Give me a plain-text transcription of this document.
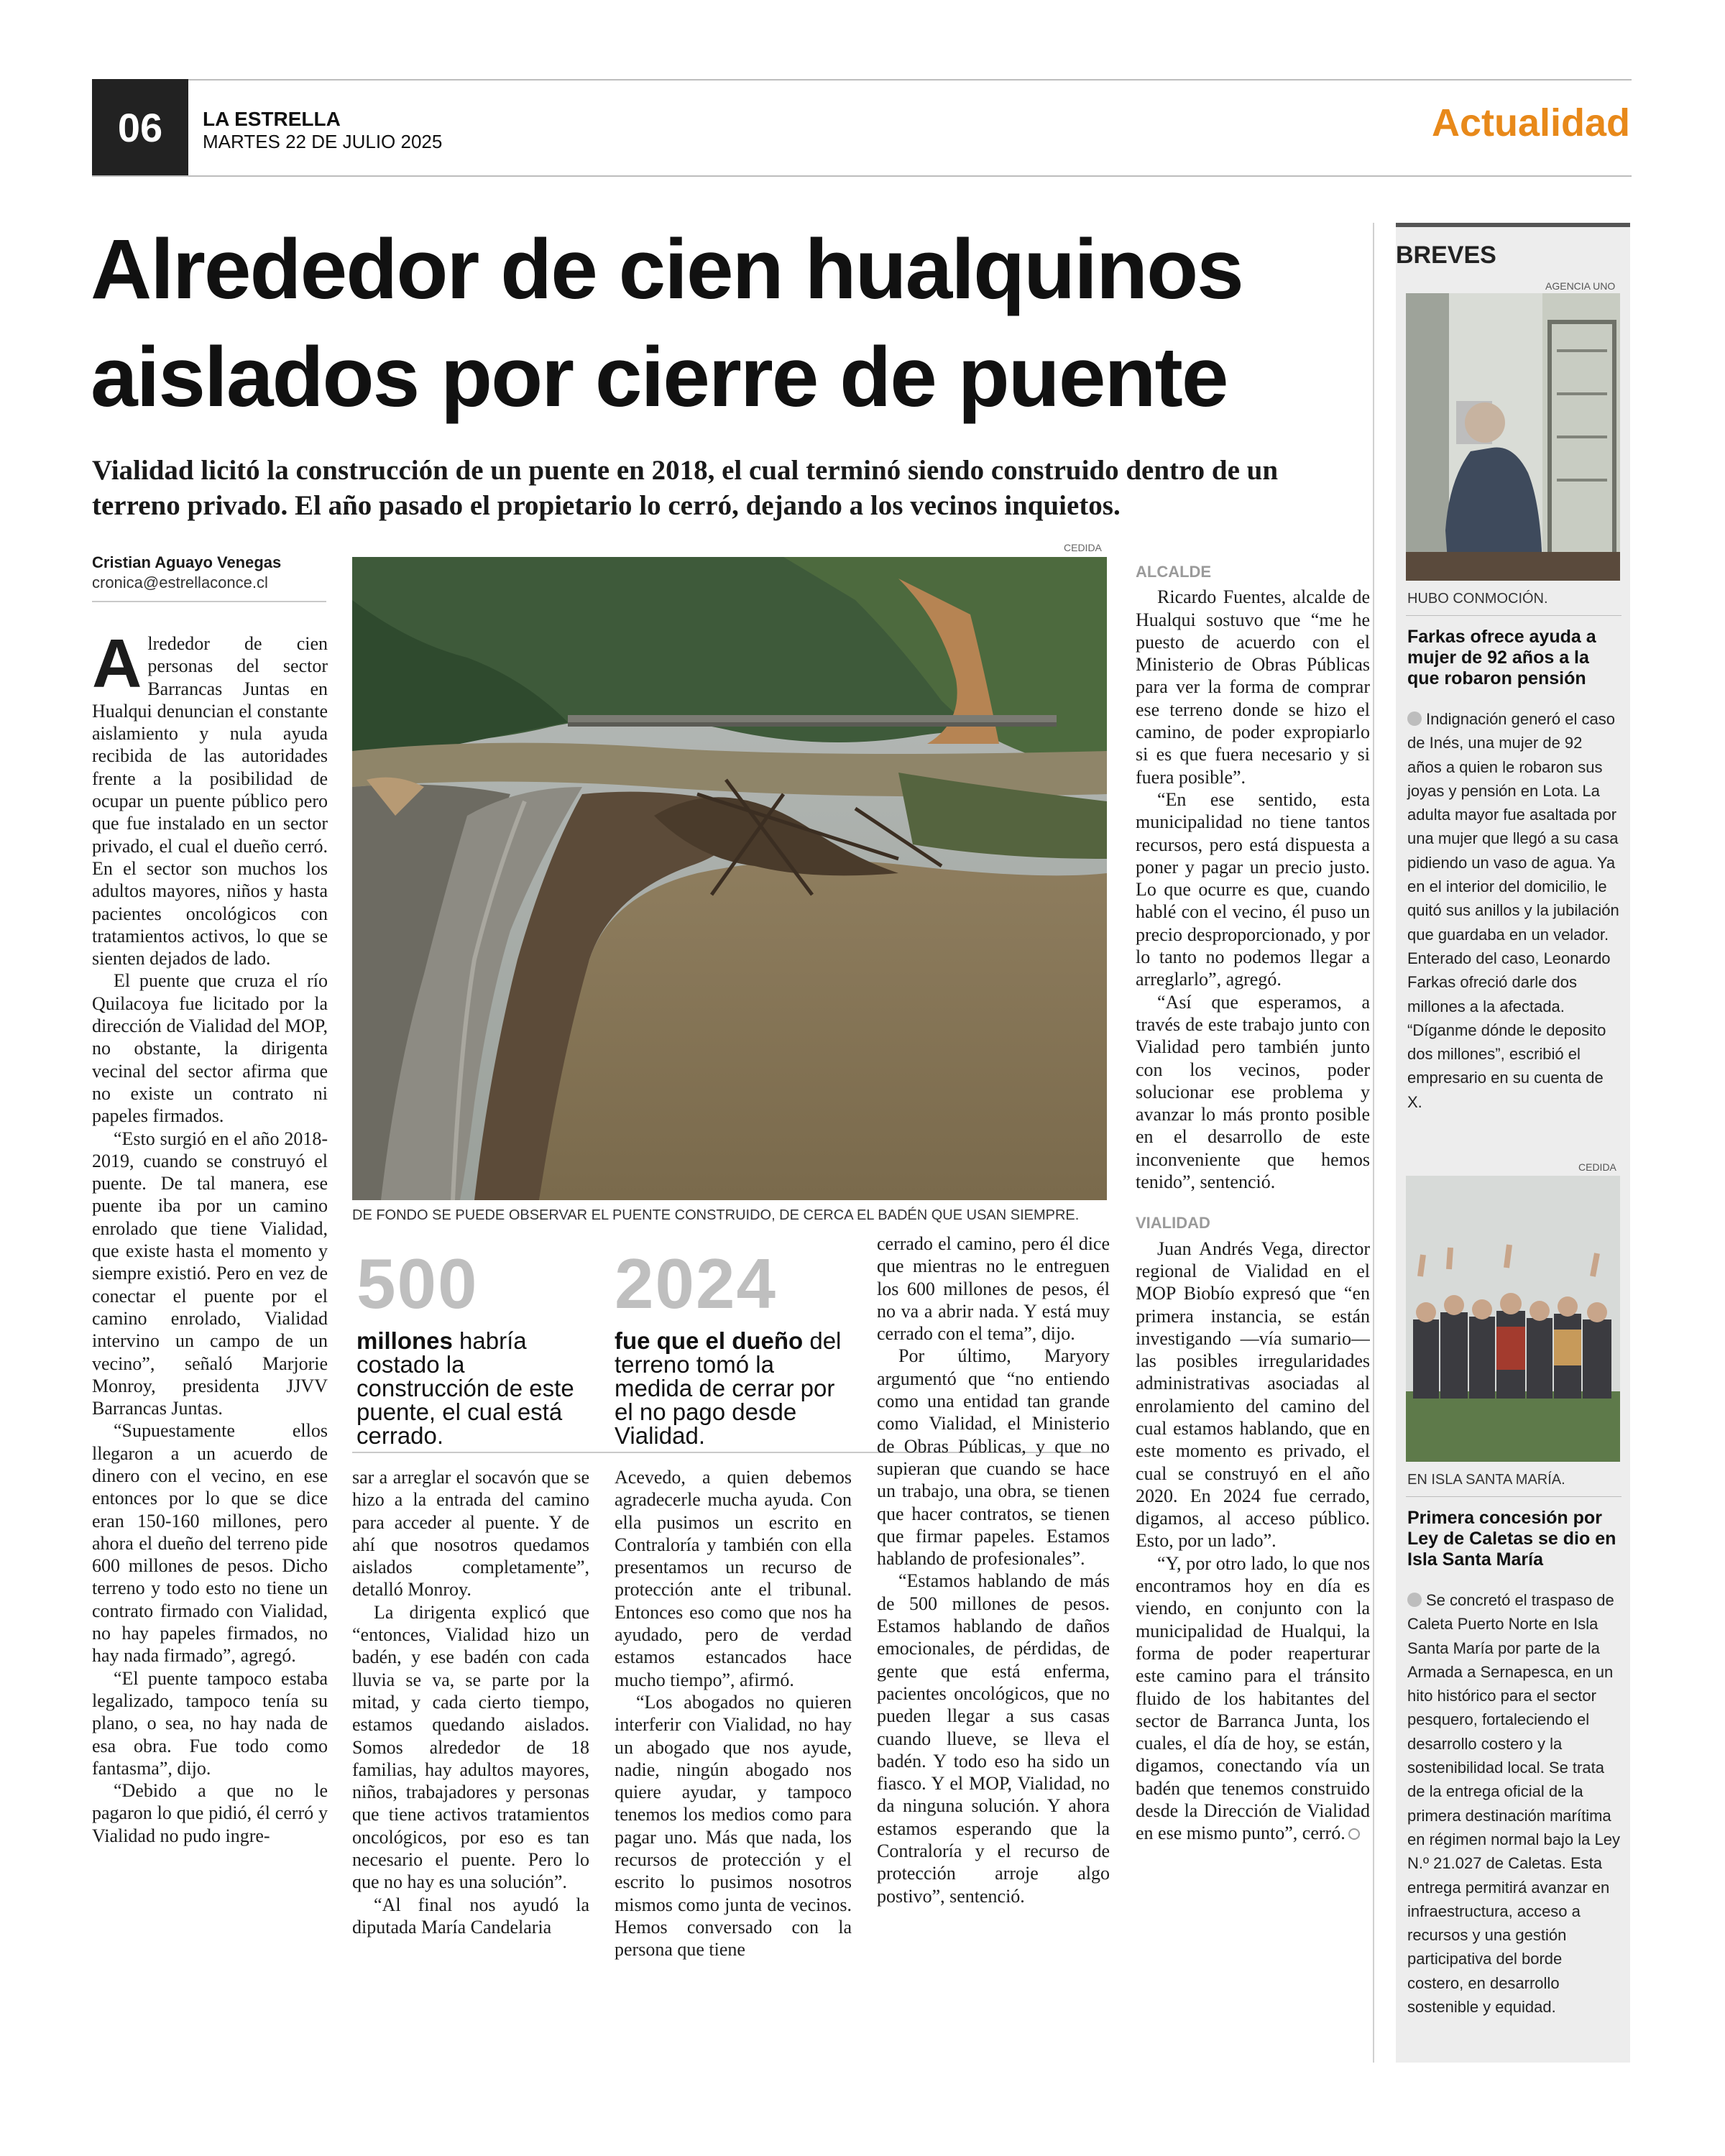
06	LA ESTRELLA
MARTES 22 DE JULIO 2025	Actualidad
Alrededor de cien hualquinos
aislados por cierre de puente
Vialidad licitó la construcción de un puente en 2018, el cual terminó siendo construido dentro de un terreno privado. El año pasado el propietario lo cerró, dejando a los vecinos inquietos.
Cristian Aguayo Venegas
cronica@estrellaconce.cl

Alrededor de cien personas del sector Barrancas Juntas en Hualqui denuncian el constante aislamiento y nula ayuda recibida de las autoridades frente a la posibilidad de ocupar un puente público pero que fue instalado en un sector privado, el cual el dueño cerró. En el sector son muchos los adultos mayores, niños y hasta pacientes oncológicos con tratamientos activos, lo que se sienten dejados de lado.

El puente que cruza el río Quilacoya fue licitado por la dirección de Vialidad del MOP, no obstante, la dirigenta vecinal del sector afirma que no existe un contrato ni papeles firmados.

“Esto surgió en el año 2018-2019, cuando se construyó el puente. De tal manera, ese puente iba por un camino enrolado que tiene Vialidad, que existe hasta el momento y siempre existió. Pero en vez de conectar el puente por el camino enrolado, Vialidad intervino un campo de un vecino”, señaló Marjorie Monroy, presidenta JJVV Barrancas Juntas.

“Supuestamente ellos llegaron a un acuerdo de dinero con el vecino, en ese entonces por lo que se dice eran 150-160 millones, pero ahora el dueño del terreno pide 600 millones de pesos. Dicho terreno y todo esto no tiene un contrato firmado con Vialidad, no hay papeles firmados, no hay nada firmado”, agregó.

“El puente tampoco estaba legalizado, tampoco tenía su plano, o sea, no hay nada de esa obra. Fue todo como fantasma”, dijo.

“Debido a que no le pagaron lo que pidió, él cerró y Vialidad no pudo ingre-

CEDIDA
DE FONDO SE PUEDE OBSERVAR EL PUENTE CONSTRUIDO, DE CERCA EL BADÉN QUE USAN SIEMPRE.
500
millones habría costado la construcción de este puente, el cual está cerrado.
2024
fue que el dueño del terreno tomó la medida de cerrar por el no pago desde Vialidad.

sar a arreglar el socavón que se hizo a la entrada del camino para acceder al puente. Y de ahí que nosotros quedamos aislados completamente”, detalló Monroy.

La dirigenta explicó que “entonces, Vialidad hizo un badén, y ese badén con cada lluvia se va, se parte por la mitad, y cada cierto tiempo, estamos quedando aislados. Somos alrededor de 18 familias, hay adultos mayores, niños, trabajadores y personas que tiene activos tratamientos oncológicos, por eso es tan necesario el puente. Pero lo que no hay es una solución”.

“Al final nos ayudó la diputada María Candelaria

Acevedo, a quien debemos agradecerle mucha ayuda. Con ella pusimos un escrito en Contraloría y también con ella presentamos un recurso de protección ante el tribunal. Entonces eso como que nos ha ayudado, pero de verdad estamos estancados hace mucho tiempo”, afirmó.

“Los abogados no quieren interferir con Vialidad, no hay un abogado que nos ayude, nadie, ningún abogado nos quiere ayudar, y tampoco tenemos los medios como para pagar uno. Más que nada, los recursos de protección y el escrito lo pusimos nosotros mismos como junta de vecinos. Hemos conversado con la persona que tiene

cerrado el camino, pero él dice que mientras no le entreguen los 600 millones de pesos, él no va a abrir nada. Y está muy cerrado con el tema”, dijo.

Por último, Maryory argumentó que “no entiendo como una entidad tan grande como Vialidad, el Ministerio de Obras Públicas, y que no supieran que cuando se hace un trabajo, una obra, se tienen que hacer contratos, se tienen que firmar papeles. Estamos hablando de profesionales”.

“Estamos hablando de más de 500 millones de pesos. Estamos hablando de daños emocionales, de pérdidas, de gente que está enferma, pacientes oncológicos, que no pueden llegar a sus casas cuando llueve, se lleva el badén. Y todo eso ha sido un fiasco. Y el MOP, Vialidad, no da ninguna solución. Y ahora estamos esperando que la Contraloría y el recurso de protección arroje algo postivo”, sentenció.

ALCALDE

Ricardo Fuentes, alcalde de Hualqui sostuvo que “me he puesto de acuerdo con el Ministerio de Obras Públicas para ver la forma de comprar ese terreno donde se hizo el camino, de poder expropiarlo si es que fuera necesario y si fuera posible”.

“En ese sentido, esta municipalidad no tiene tantos recursos, pero está dispuesta a poner y pagar un precio justo. Lo que ocurre es que, cuando hablé con el vecino, él puso un precio desproporcionado, y por lo tanto no podemos llegar a arreglarlo”, agregó.

“Así que esperamos, a través de este trabajo junto con Vialidad pero también junto con los vecinos, poder solucionar ese problema y avanzar lo más pronto posible en el desarrollo de este inconveniente que hemos tenido”, sentenció.

VIALIDAD

Juan Andrés Vega, director regional de Vialidad en el MOP Biobío expresó que “en primera instancia, se están investigando —vía sumario— las posibles irregularidades administrativas asociadas al enrolamiento del camino del cual estamos hablando, que en este momento es privado, el cual se construyó en el año 2020. En 2024 fue cerrado, digamos, al acceso público. Esto, por un lado”.

“Y, por otro lado, lo que nos encontramos hoy en día es viendo, en conjunto con la municipalidad de Hualqui, la forma de poder reaperturar este camino para el tránsito fluido de los habitantes del sector de Barranca Junta, los cuales, el día de hoy, se están, digamos, conectando vía un badén que tenemos construido desde la Dirección de Vialidad en ese mismo punto”, cerró.

BREVES
AGENCIA UNO
HUBO CONMOCIÓN.
Farkas ofrece ayuda a mujer de 92 años a la que robaron pensión
Indignación generó el caso de Inés, una mujer de 92 años a quien le robaron sus joyas y pensión en Lota. La adulta mayor fue asaltada por una mujer que llegó a su casa pidiendo un vaso de agua. Ya en el interior del domicilio, le quitó sus anillos y la jubilación que guardaba en un velador. Enterado del caso, Leonardo Farkas ofreció darle dos millones a la afectada. “Díganme dónde le deposito dos millones”, escribió el empresario en su cuenta de X.
CEDIDA
EN ISLA SANTA MARÍA.
Primera concesión por Ley de Caletas se dio en Isla Santa María
Se concretó el traspaso de Caleta Puerto Norte en Isla Santa María por parte de la Armada a Sernapesca, en un hito histórico para el sector pesquero, fortaleciendo el desarrollo costero y la sostenibilidad local. Se trata de la entrega oficial de la primera destinación marítima en régimen normal bajo la Ley N.º 21.027 de Caletas. Esta entrega permitirá avanzar en infraestructura, acceso a recursos y una gestión participativa del borde costero, en desarrollo sostenible y equidad.
